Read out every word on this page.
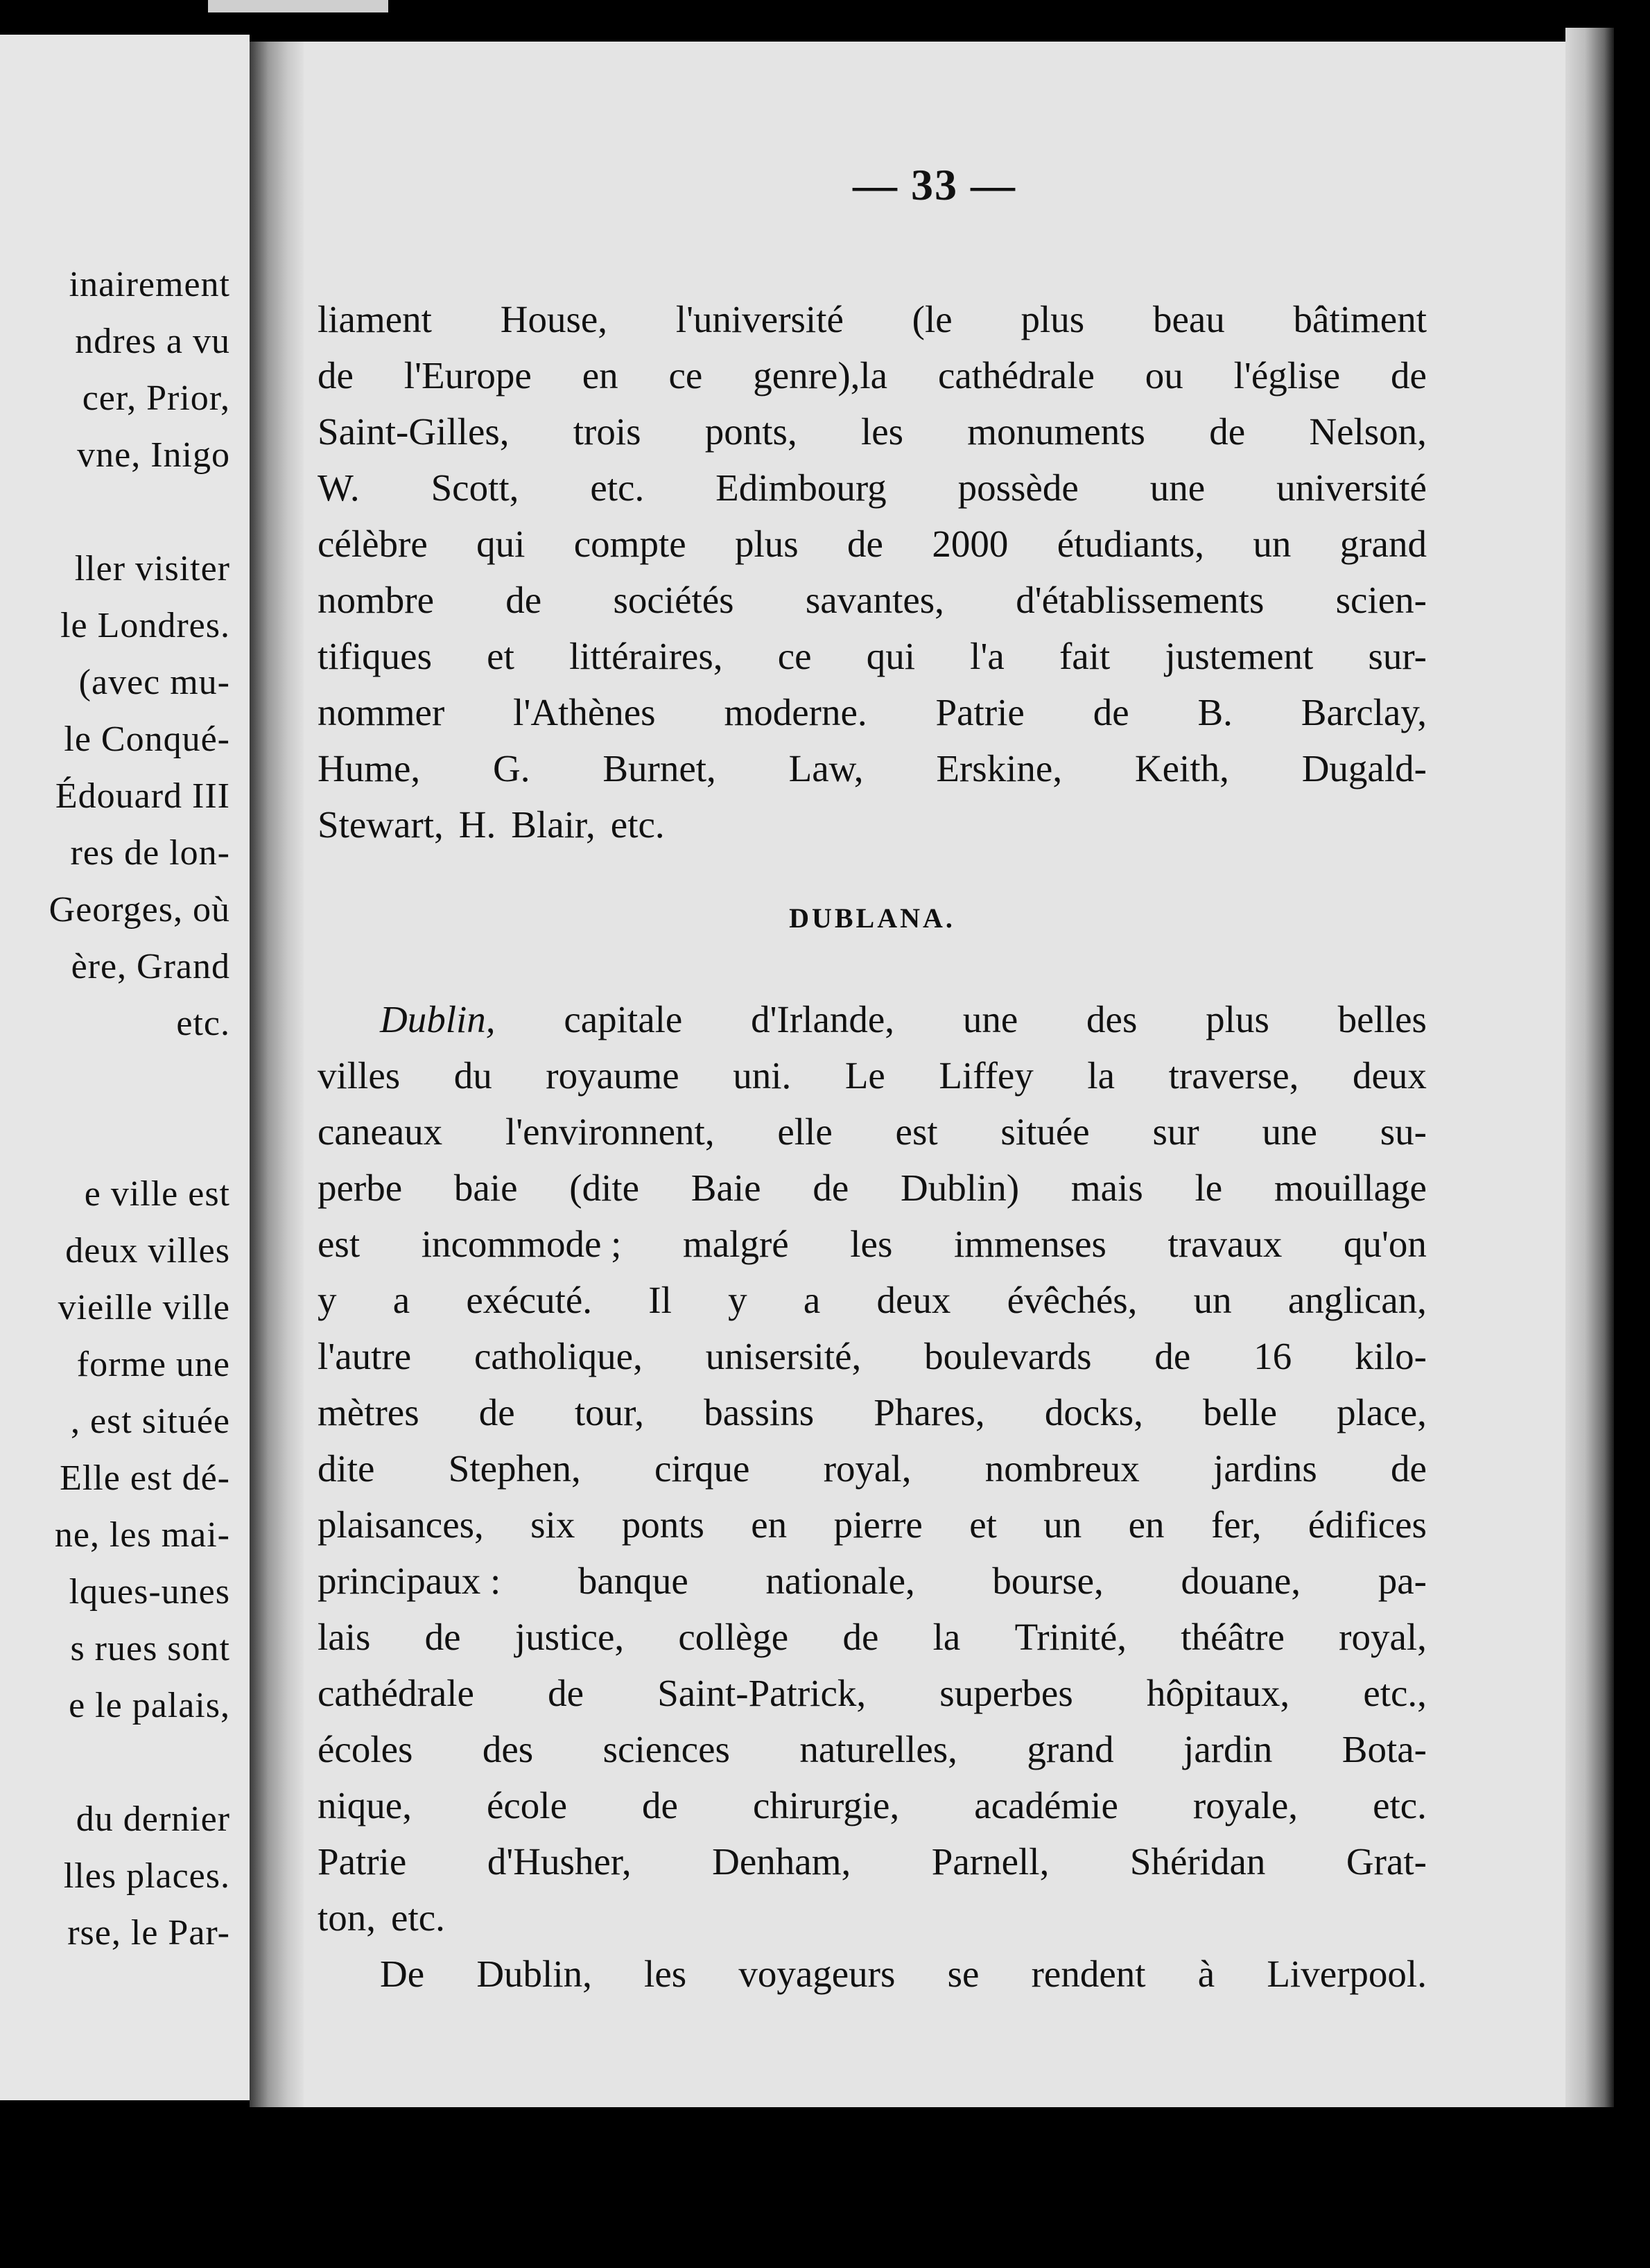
inairement
ndres a vu
cer, Prior,
vne, Inigo
ller visiter
le Londres.
(avec mu-
le Conqué-
Édouard III
res de lon-
Georges, où
ère, Grand
etc.
e ville est
deux villes
vieille ville
forme une
, est située
Elle est dé-
ne, les mai-
lques-unes
s rues sont
e le palais,
du dernier
lles places.
rse, le Par-
— 33 —
liament House, l'université (le plus beau bâtiment
de l'Europe en ce genre),la cathédrale ou l'église de
Saint-Gilles, trois ponts, les monuments de Nelson,
W. Scott, etc. Edimbourg possède une université
célèbre qui compte plus de 2000 étudiants, un grand
nombre de sociétés savantes, d'établissements scien-
tifiques et littéraires, ce qui l'a fait justement sur-
nommer l'Athènes moderne. Patrie de B. Barclay,
Hume, G. Burnet, Law, Erskine, Keith, Dugald-
Stewart, H. Blair, etc.
DUBLANA.
Dublin, capitale d'Irlande, une des plus belles
villes du royaume uni. Le Liffey la traverse, deux
caneaux l'environnent, elle est située sur une su-
perbe baie (dite Baie de Dublin) mais le mouillage
est incommode ; malgré les immenses travaux qu'on
y a exécuté. Il y a deux évêchés, un anglican,
l'autre catholique, unisersité, boulevards de 16 kilo-
mètres de tour, bassins Phares, docks, belle place,
dite Stephen, cirque royal, nombreux jardins de
plaisances, six ponts en pierre et un en fer, édifices
principaux : banque nationale, bourse, douane, pa-
lais de justice, collège de la Trinité, théâtre royal,
cathédrale de Saint-Patrick, superbes hôpitaux, etc.,
écoles des sciences naturelles, grand jardin Bota-
nique, école de chirurgie, académie royale, etc.
Patrie d'Husher, Denham, Parnell, Shéridan Grat-
ton, etc.
De Dublin, les voyageurs se rendent à Liverpool.
